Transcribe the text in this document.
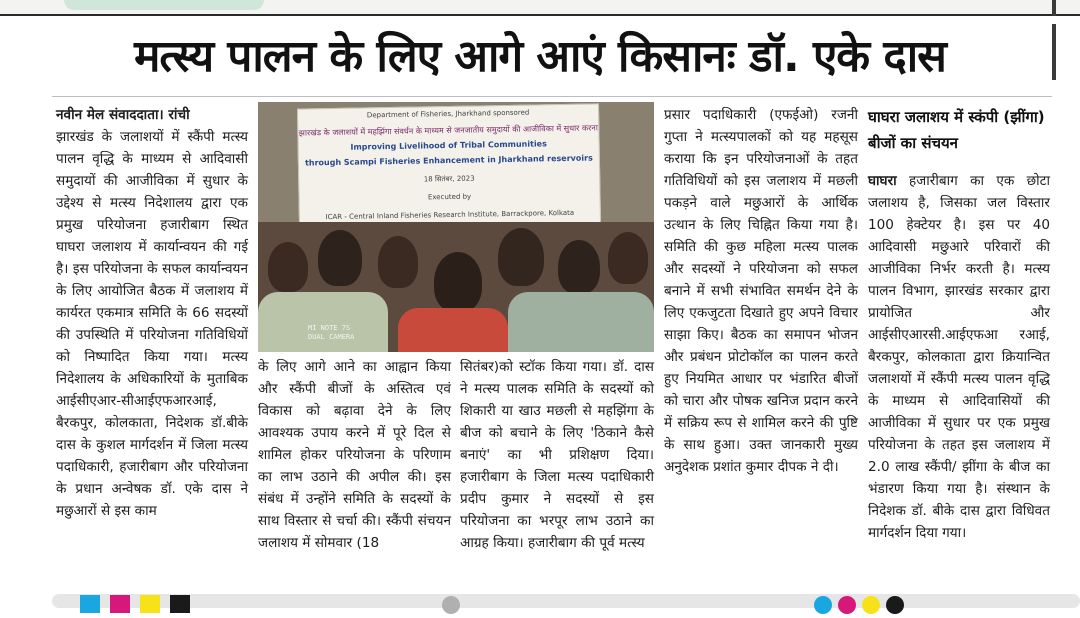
मत्स्य पालन के लिए आगे आएं किसानः डॉ. एके दास

नवीन मेल संवाददाता। रांची

झारखंड के जलाशयों में स्कैंपी मत्स्य पालन वृद्धि के माध्यम से आदिवासी समुदायों की आजीविका में सुधार के उद्देश्य से मत्स्य निदेशालय द्वारा एक प्रमुख परियोजना हजारीबाग स्थित घाघरा जलाशय में कार्यान्वयन की गई है। इस परियोजना के सफल कार्यान्वयन के लिए आयोजित बैठक में जलाशय में कार्यरत एकमात्र समिति के 66 सदस्यों की उपस्थिति में परियोजना गतिविधियों को निष्पादित किया गया। मत्स्य निदेशालय के अधिकारियों के मुताबिक आईसीएआर-सीआईएफआरआई, बैरकपुर, कोलकाता, निदेशक डॉ.बीके दास के कुशल मार्गदर्शन में जिला मत्स्य पदाधिकारी, हजारीबाग और परियोजना के प्रधान अन्वेषक डॉ. एके दास ने मछुआरों से इस काम

Department of Fisheries, Jharkhand sponsored
झारखंड के जलाशयों में महझिंगा संवर्धन के माध्यम से जनजातीय समुदायों की आजीविका में सुधार करना
Improving Livelihood of Tribal Communities
through Scampi Fisheries Enhancement in Jharkhand reservoirs
18 सितंबर, 2023
Executed by
ICAR - Central Inland Fisheries Research Institute, Barrackpore, Kolkata
MI NOTE 7S
DUAL CAMERA

के लिए आगे आने का आह्वान किया और स्कैंपी बीजों के अस्तित्व एवं विकास को बढ़ावा देने के लिए आवश्यक उपाय करने में पूरे दिल से शामिल होकर परियोजना के परिणाम का लाभ उठाने की अपील की। इस संबंध में उन्होंने समिति के सदस्यों के साथ विस्तार से चर्चा की। स्कैंपी संचयन जलाशय में सोमवार (18

सितंबर)को स्टॉक किया गया। डॉ. दास ने मत्स्य पालक समिति के सदस्यों को शिकारी या खाउ मछली से महझिंगा के बीज को बचाने के लिए 'ठिकाने कैसे बनाएं' का भी प्रशिक्षण दिया। हजारीबाग के जिला मत्स्य पदाधिकारी प्रदीप कुमार ने सदस्यों से इस परियोजना का भरपूर लाभ उठाने का आग्रह किया। हजारीबाग की पूर्व मत्स्य

प्रसार पदाधिकारी (एफईओ) रजनी गुप्ता ने मत्स्यपालकों को यह महसूस कराया कि इन परियोजनाओं के तहत गतिविधियों को इस जलाशय में मछली पकड़ने वाले मछुआरों के आर्थिक उत्थान के लिए चिह्नित किया गया है। समिति की कुछ महिला मत्स्य पालक और सदस्यों ने परियोजना को सफल बनाने में सभी संभावित समर्थन देने के लिए एकजुटता दिखाते हुए अपने विचार साझा किए। बैठक का समापन भोजन और प्रबंधन प्रोटोकॉल का पालन करते हुए नियमित आधार पर भंडारित बीजों को चारा और पोषक खनिज प्रदान करने में सक्रिय रूप से शामिल करने की पुष्टि के साथ हुआ। उक्त जानकारी मुख्य अनुदेशक प्रशांत कुमार दीपक ने दी।

घाघरा जलाशय में स्कंपी (झींगा) बीजों का संचयन

घाघरा हजारीबाग का एक छोटा जलाशय है, जिसका जल विस्तार 100 हेक्टेयर है। इस पर 40 आदिवासी मछुआरे परिवारों की आजीविका निर्भर करती है। मत्स्य पालन विभाग, झारखंड सरकार द्वारा प्रायोजित और आईसीएआरसी.आईएफआ रआई, बैरकपुर, कोलकाता द्वारा क्रियान्वित जलाशयों में स्कैंपी मत्स्य पालन वृद्धि के माध्यम से आदिवासियों की आजीविका में सुधार पर एक प्रमुख परियोजना के तहत इस जलाशय में 2.0 लाख स्कैंपी/ झींगा के बीज का भंडारण किया गया है। संस्थान के निदेशक डॉ. बीके दास द्वारा विधिवत मार्गदर्शन दिया गया।
